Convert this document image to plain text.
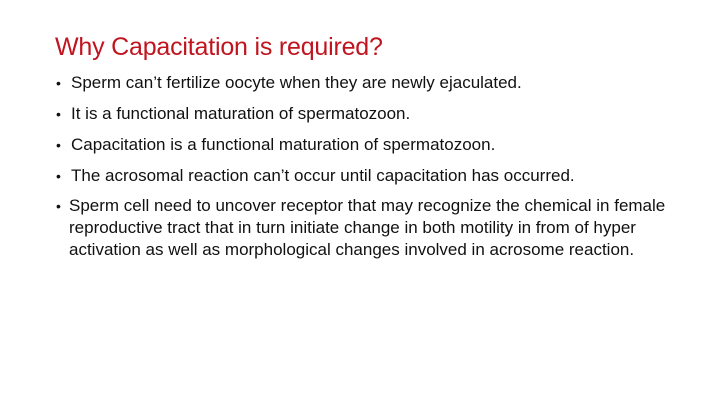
Why Capacitation is required?
• Sperm can’t fertilize oocyte when they are newly ejaculated.
• It is a functional maturation of spermatozoon.
• Capacitation is a functional maturation of spermatozoon.
• The acrosomal reaction can’t occur until capacitation has occurred.
• Sperm cell need to uncover receptor that may recognize the chemical in female reproductive tract that in turn initiate change in both motility in from of hyper activation as well as morphological changes involved in acrosome reaction.
